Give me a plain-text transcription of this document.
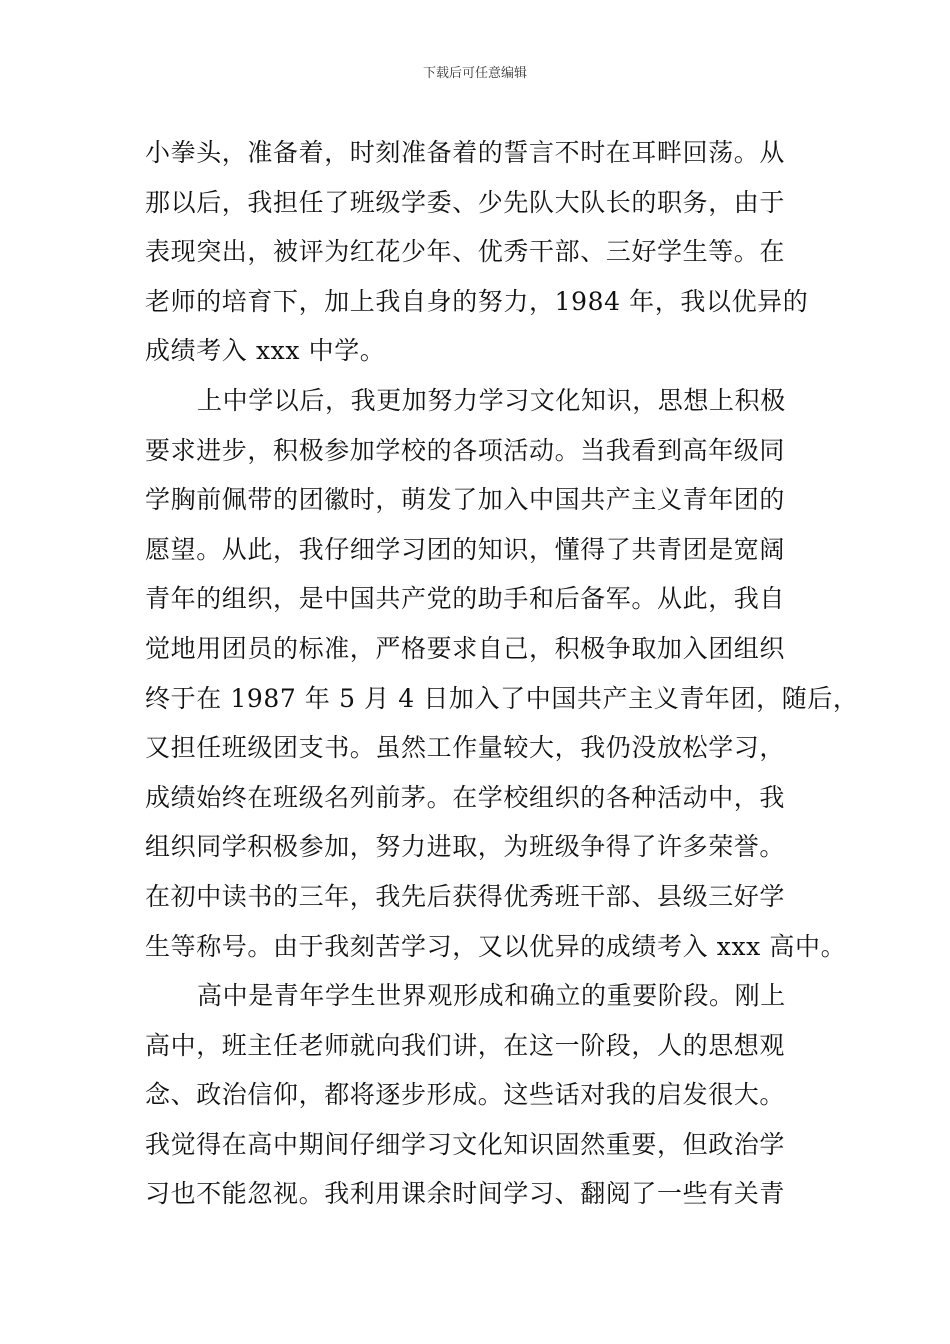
下载后可任意编辑
小拳头，准备着，时刻准备着的誓言不时在耳畔回荡。从
那以后，我担任了班级学委、少先队大队长的职务，由于
表现突出，被评为红花少年、优秀干部、三好学生等。在
老师的培育下，加上我自身的努力，1984 年，我以优异的
成绩考入 xxx 中学。
上中学以后，我更加努力学习文化知识，思想上积极
要求进步，积极参加学校的各项活动。当我看到高年级同
学胸前佩带的团徽时，萌发了加入中国共产主义青年团的
愿望。从此，我仔细学习团的知识，懂得了共青团是宽阔
青年的组织，是中国共产党的助手和后备军。从此，我自
觉地用团员的标准，严格要求自己，积极争取加入团组织
终于在 1987 年 5 月 4 日加入了中国共产主义青年团，随后，
又担任班级团支书。虽然工作量较大，我仍没放松学习，
成绩始终在班级名列前茅。在学校组织的各种活动中，我
组织同学积极参加，努力进取，为班级争得了许多荣誉。
在初中读书的三年，我先后获得优秀班干部、县级三好学
生等称号。由于我刻苦学习，又以优异的成绩考入 xxx 高中。
高中是青年学生世界观形成和确立的重要阶段。刚上
高中，班主任老师就向我们讲，在这一阶段，人的思想观
念、政治信仰，都将逐步形成。这些话对我的启发很大。
我觉得在高中期间仔细学习文化知识固然重要，但政治学
习也不能忽视。我利用课余时间学习、翻阅了一些有关青
